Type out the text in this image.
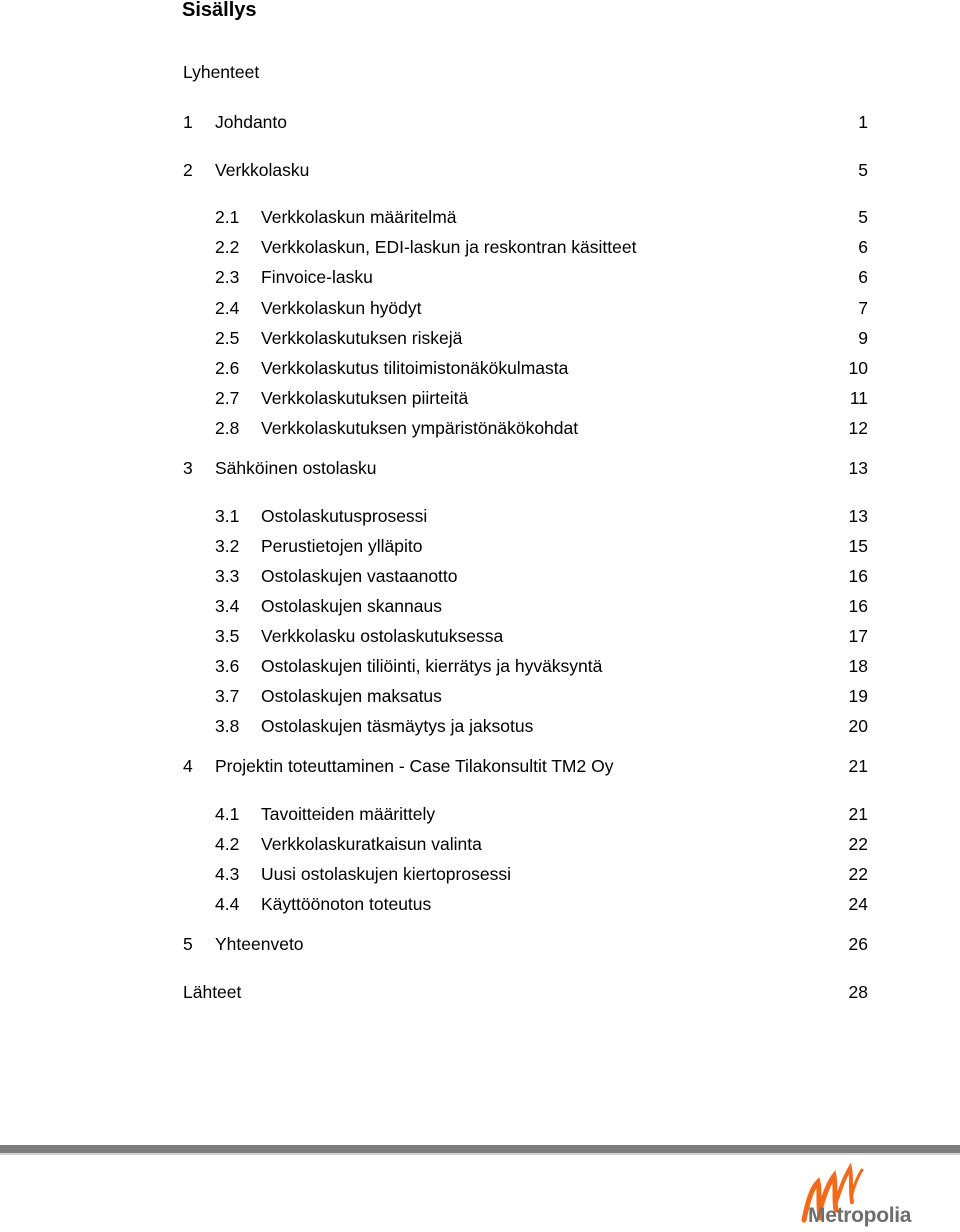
Sisällys
Lyhenteet
1 Johdanto	1
2 Verkkolasku	5
2.1 Verkkolaskun määritelmä	5
2.2 Verkkolaskun, EDI-laskun ja reskontran käsitteet	6
2.3 Finvoice-lasku	6
2.4 Verkkolaskun hyödyt	7
2.5 Verkkolaskutuksen riskejä	9
2.6 Verkkolaskutus tilitoimistonäkökulmasta	10
2.7 Verkkolaskutuksen piirteitä	11
2.8 Verkkolaskutuksen ympäristönäkökohdat	12
3 Sähköinen ostolasku	13
3.1 Ostolaskutusprosessi	13
3.2 Perustietojen ylläpito	15
3.3 Ostolaskujen vastaanotto	16
3.4 Ostolaskujen skannaus	16
3.5 Verkkolasku ostolaskutuksessa	17
3.6 Ostolaskujen tiliöinti, kierrätys ja hyväksyntä	18
3.7 Ostolaskujen maksatus	19
3.8 Ostolaskujen täsmäytys ja jaksotus	20
4 Projektin toteuttaminen - Case Tilakonsultit TM2 Oy	21
4.1 Tavoitteiden määrittely	21
4.2 Verkkolaskuratkaisun valinta	22
4.3 Uusi ostolaskujen kiertoprosessi	22
4.4 Käyttöönoton toteutus	24
5 Yhteenveto	26
Lähteet	28
Metropolia
